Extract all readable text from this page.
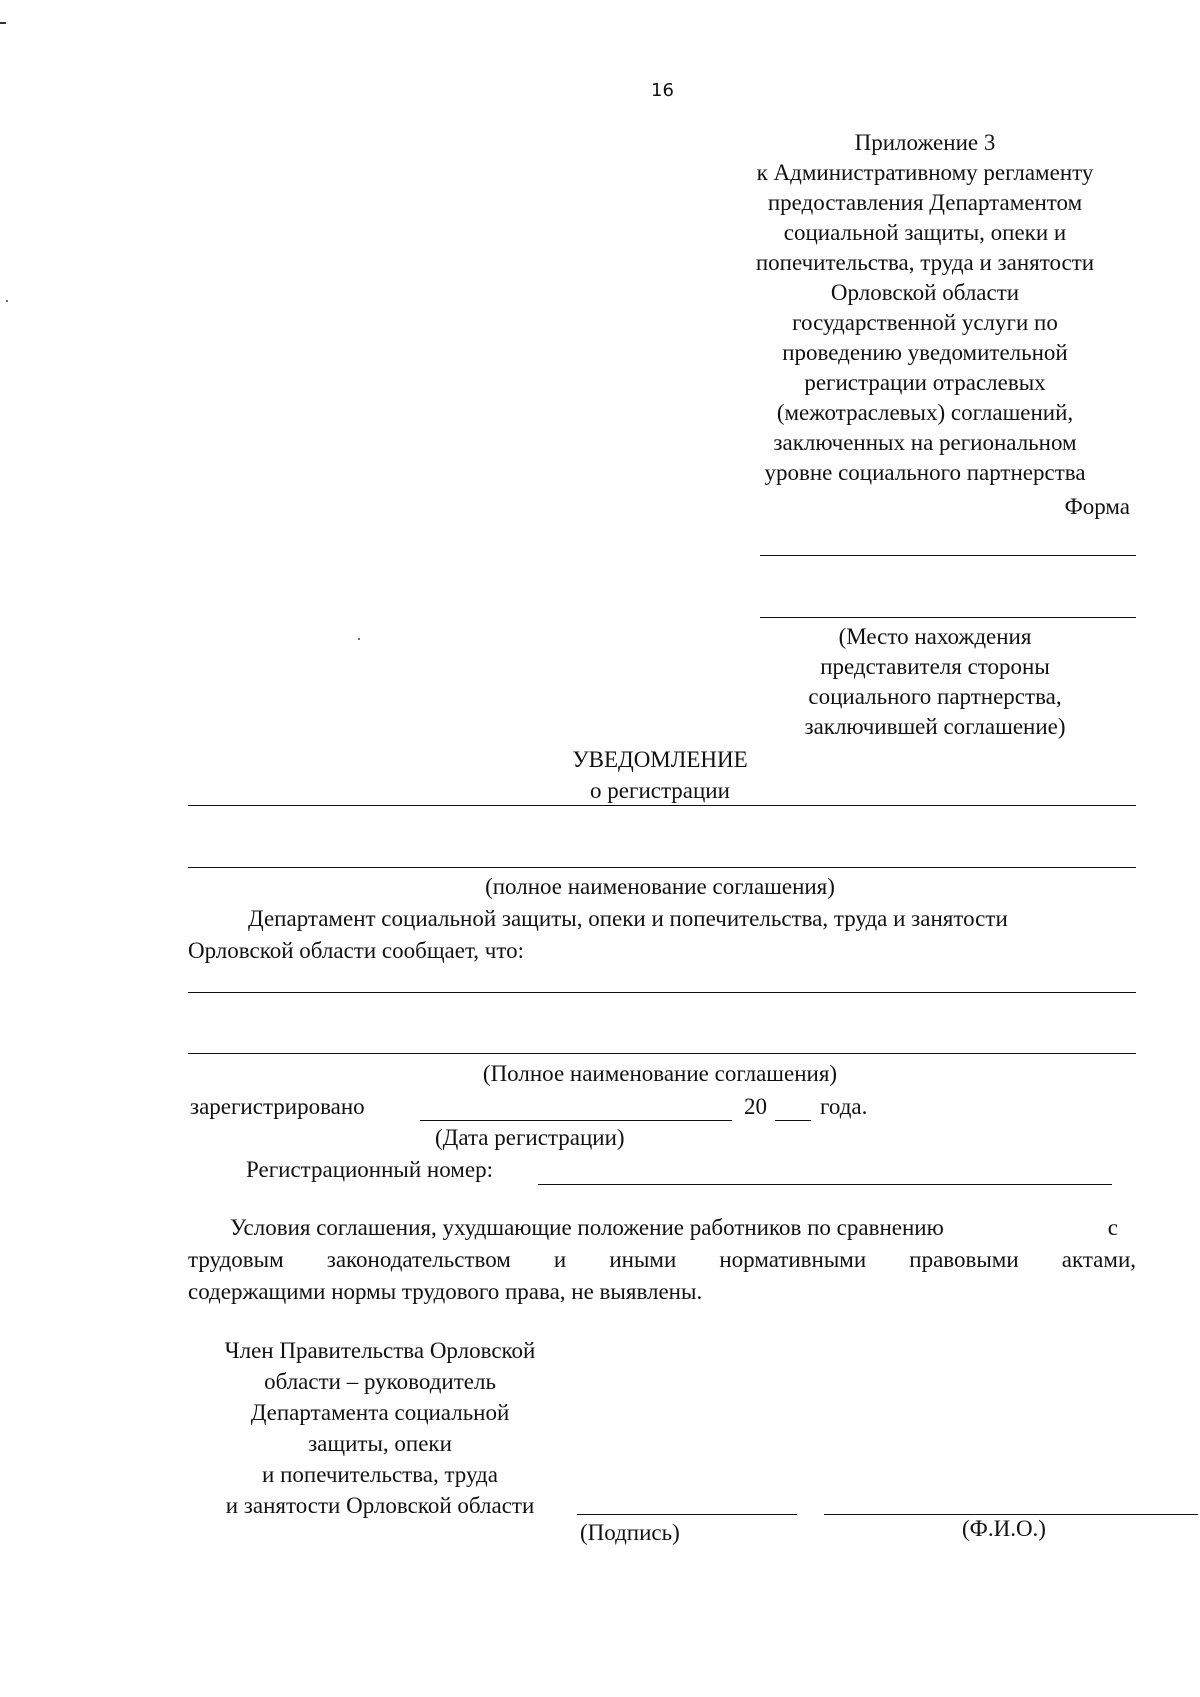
16
Приложение 3
к Административному регламенту
предоставления Департаментом
социальной защиты, опеки и
попечительства, труда и занятости
Орловской области
государственной услуги по
проведению уведомительной
регистрации отраслевых
(межотраслевых) соглашений,
заключенных на региональном
уровне социального партнерства
Форма
(Место нахождения
представителя стороны
социального партнерства,
заключившей соглашение)
УВЕДОМЛЕНИЕ
о регистрации
(полное наименование соглашения)
Департамент социальной защиты, опеки и попечительства, труда и занятости
Орловской области сообщает, что:
(Полное наименование соглашения)
зарегистрировано	20 года.
(Дата регистрации)
Регистрационный номер:
Условия соглашения, ухудшающие положение работников по сравнению	с
трудовым законодательством и иными нормативными правовыми актами,
содержащими нормы трудового права, не выявлены.
Член Правительства Орловской
области – руководитель
Департамента социальной
защиты, опеки
и попечительства, труда
и занятости Орловской области
(Подпись)	(Ф.И.О.)
